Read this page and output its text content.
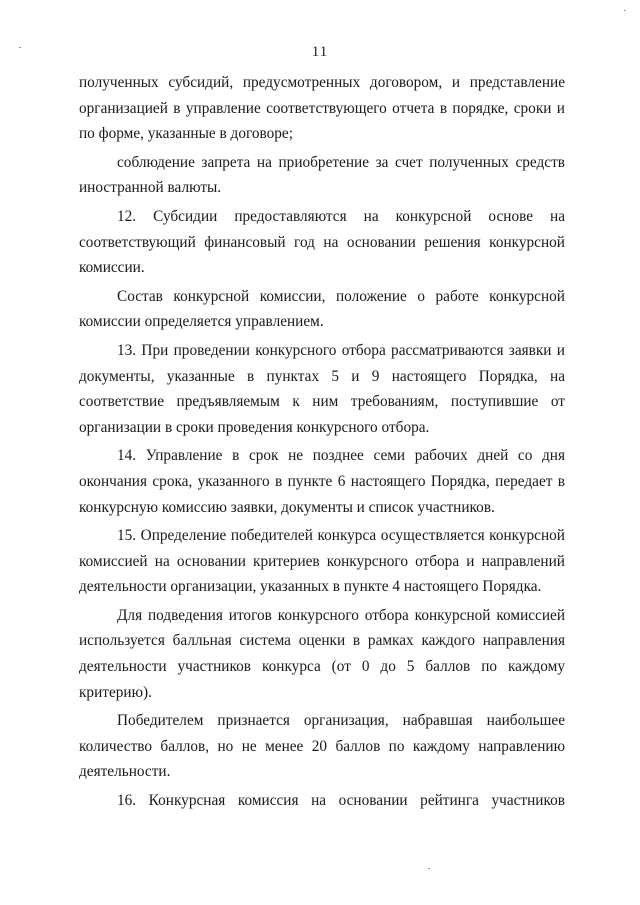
11

полученных субсидий, предусмотренных договором, и представление организацией в управление соответствующего отчета в порядке, сроки и по форме, указанные в договоре;

соблюдение запрета на приобретение за счет полученных средств иностранной валюты.

12. Субсидии предоставляются на конкурсной основе на соответствующий финансовый год на основании решения конкурсной комиссии.

Состав конкурсной комиссии, положение о работе конкурсной комиссии определяется управлением.

13. При проведении конкурсного отбора рассматриваются заявки и документы, указанные в пунктах 5 и 9 настоящего Порядка, на соответствие предъявляемым к ним требованиям, поступившие от организации в сроки проведения конкурсного отбора.

14. Управление в срок не позднее семи рабочих дней со дня окончания срока, указанного в пункте 6 настоящего Порядка, передает в конкурсную комиссию заявки, документы и список участников.

15. Определение победителей конкурса осуществляется конкурсной комиссией на основании критериев конкурсного отбора и направлений деятельности организации, указанных в пункте 4 настоящего Порядка.

Для подведения итогов конкурсного отбора конкурсной комиссией используется балльная система оценки в рамках каждого направления деятельности участников конкурса (от 0 до 5 баллов по каждому критерию).

Победителем признается организация, набравшая наибольшее количество баллов, но не менее 20 баллов по каждому направлению деятельности.

16. Конкурсная комиссия на основании рейтинга участников
